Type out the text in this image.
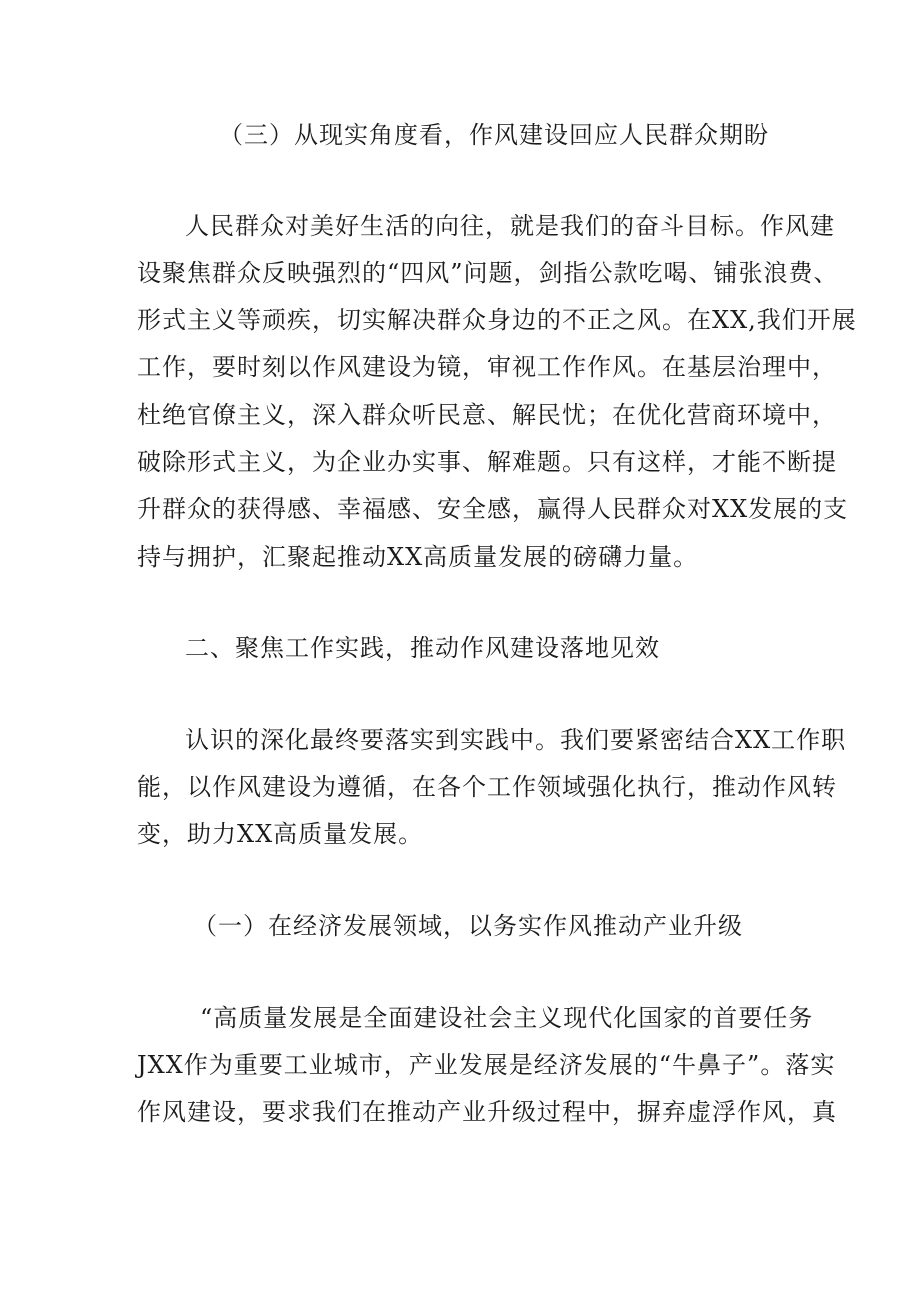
（三）从现实角度看，作风建设回应人民群众期盼
人民群众对美好生活的向往，就是我们的奋斗目标。作风建
设聚焦群众反映强烈的“四风”问题，剑指公款吃喝、铺张浪费、
形式主义等顽疾，切实解决群众身边的不正之风。在XX,我们开展
工作，要时刻以作风建设为镜，审视工作作风。在基层治理中，
杜绝官僚主义，深入群众听民意、解民忧；在优化营商环境中，
破除形式主义，为企业办实事、解难题。只有这样，才能不断提
升群众的获得感、幸福感、安全感，赢得人民群众对XX发展的支
持与拥护，汇聚起推动XX高质量发展的磅礴力量。
二、聚焦工作实践，推动作风建设落地见效
认识的深化最终要落实到实践中。我们要紧密结合XX工作职
能，以作风建设为遵循，在各个工作领域强化执行，推动作风转
变，助力XX高质量发展。
（一）在经济发展领域，以务实作风推动产业升级
“高质量发展是全面建设社会主义现代化国家的首要任务
JXX作为重要工业城市，产业发展是经济发展的“牛鼻子”。落实
作风建设，要求我们在推动产业升级过程中，摒弃虚浮作风，真
